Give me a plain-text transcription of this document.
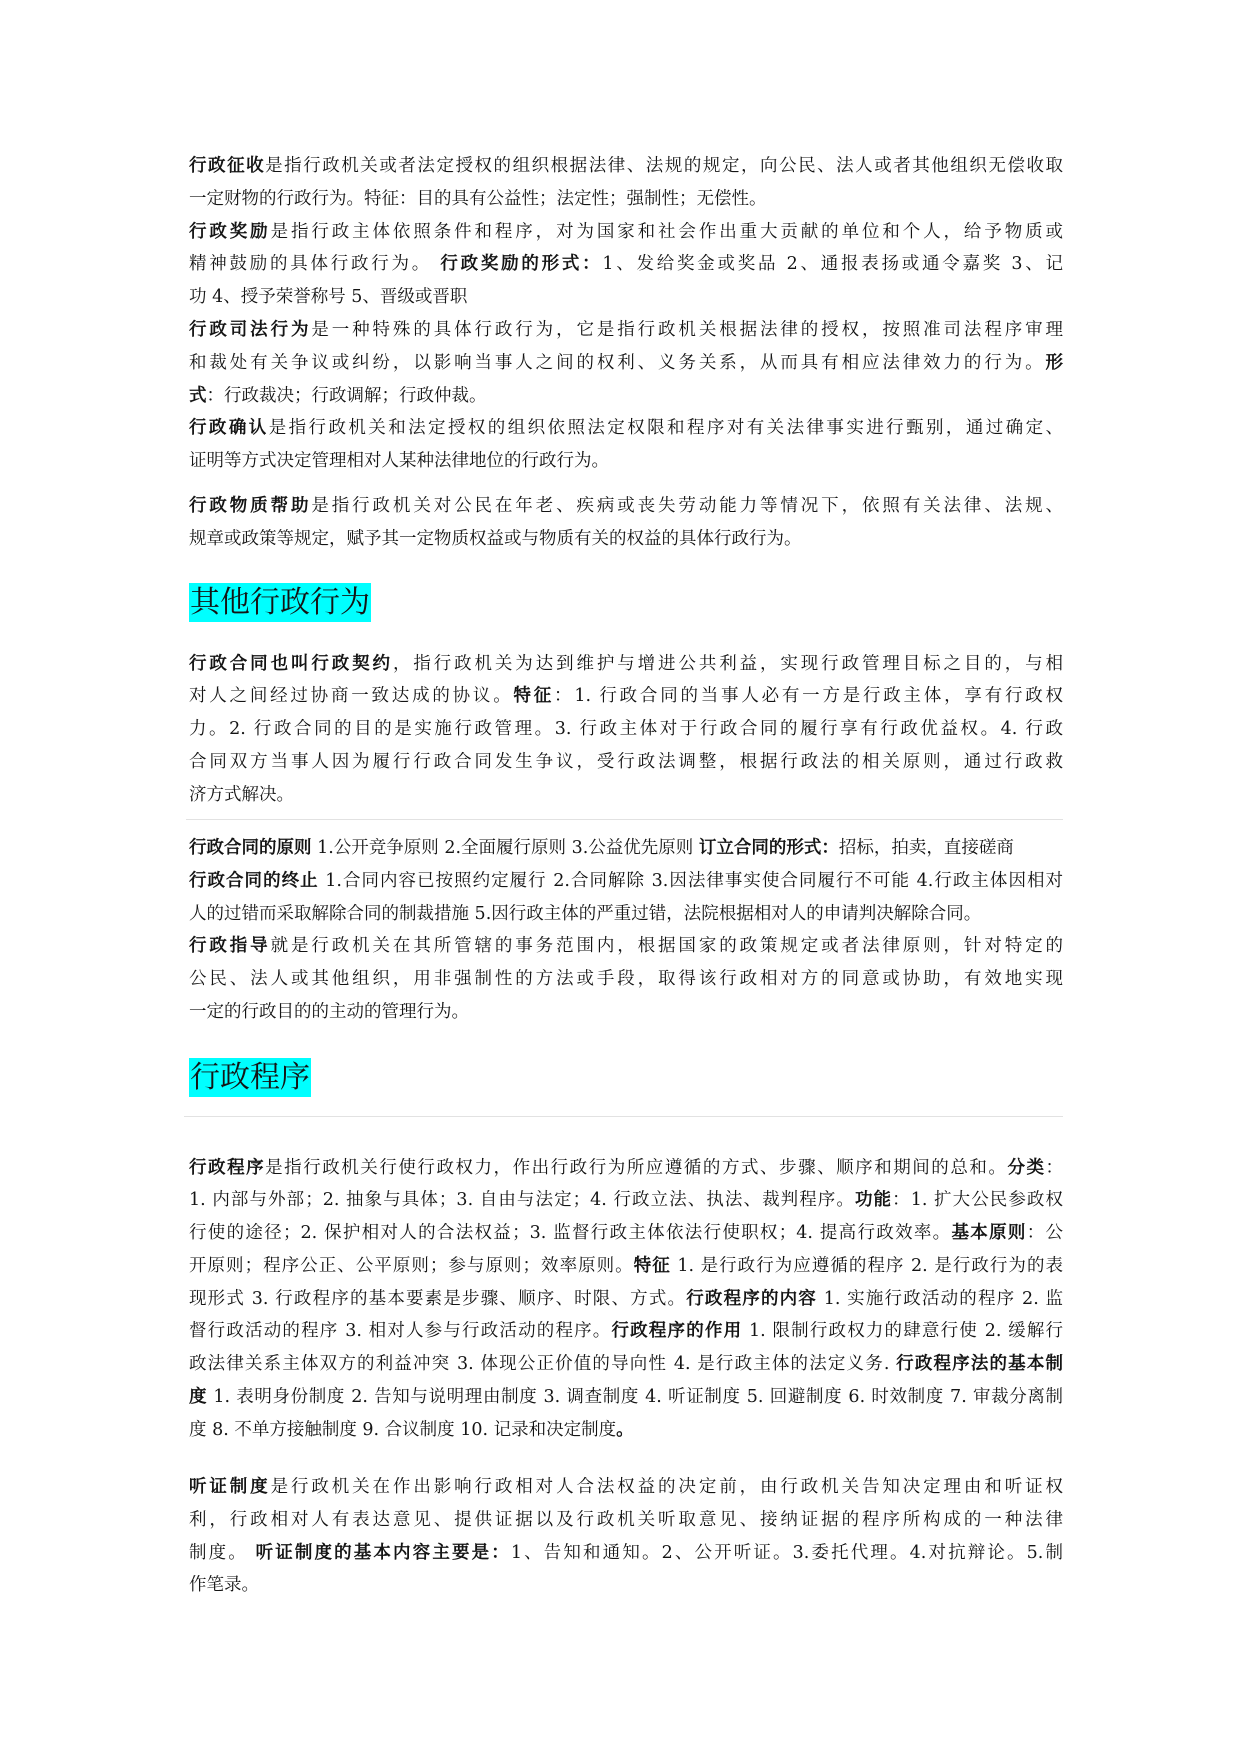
行政征收是指行政机关或者法定授权的组织根据法律、法规的规定，向公民、法人或者其他组织无偿收取
一定财物的行政行为。特征：目的具有公益性；法定性；强制性；无偿性。
行政奖励是指行政主体依照条件和程序，对为国家和社会作出重大贡献的单位和个人，给予物质或
精神鼓励的具体行政行为。 行政奖励的形式：1、发给奖金或奖品 2、通报表扬或通令嘉奖 3、记
功 4、授予荣誉称号 5、晋级或晋职
行政司法行为是一种特殊的具体行政行为，它是指行政机关根据法律的授权，按照准司法程序审理
和裁处有关争议或纠纷，以影响当事人之间的权利、义务关系，从而具有相应法律效力的行为。形
式：行政裁决；行政调解；行政仲裁。
行政确认是指行政机关和法定授权的组织依照法定权限和程序对有关法律事实进行甄别，通过确定、
证明等方式决定管理相对人某种法律地位的行政行为。
行政物质帮助是指行政机关对公民在年老、疾病或丧失劳动能力等情况下，依照有关法律、法规、
规章或政策等规定，赋予其一定物质权益或与物质有关的权益的具体行政行为。
其他行政行为
行政合同也叫行政契约，指行政机关为达到维护与增进公共利益，实现行政管理目标之目的，与相
对人之间经过协商一致达成的协议。特征：1. 行政合同的当事人必有一方是行政主体，享有行政权
力。2. 行政合同的目的是实施行政管理。3. 行政主体对于行政合同的履行享有行政优益权。4. 行政
合同双方当事人因为履行行政合同发生争议，受行政法调整，根据行政法的相关原则，通过行政救
济方式解决。
行政合同的原则 1.公开竞争原则 2.全面履行原则 3.公益优先原则 订立合同的形式：招标，拍卖，直接磋商
行政合同的终止 1.合同内容已按照约定履行 2.合同解除 3.因法律事实使合同履行不可能 4.行政主体因相对
人的过错而采取解除合同的制裁措施 5.因行政主体的严重过错，法院根据相对人的申请判决解除合同。
行政指导就是行政机关在其所管辖的事务范围内，根据国家的政策规定或者法律原则，针对特定的
公民、法人或其他组织，用非强制性的方法或手段，取得该行政相对方的同意或协助，有效地实现
一定的行政目的的主动的管理行为。
行政程序
行政程序是指行政机关行使行政权力，作出行政行为所应遵循的方式、步骤、顺序和期间的总和。分类：
1. 内部与外部；2. 抽象与具体；3. 自由与法定；4. 行政立法、执法、裁判程序。功能：1. 扩大公民参政权
行使的途径；2. 保护相对人的合法权益；3. 监督行政主体依法行使职权；4. 提高行政效率。基本原则：公
开原则；程序公正、公平原则；参与原则；效率原则。特征 1. 是行政行为应遵循的程序 2. 是行政行为的表
现形式 3. 行政程序的基本要素是步骤、顺序、时限、方式。行政程序的内容 1. 实施行政活动的程序 2. 监
督行政活动的程序 3. 相对人参与行政活动的程序。行政程序的作用 1. 限制行政权力的肆意行使 2. 缓解行
政法律关系主体双方的利益冲突 3. 体现公正价值的导向性 4. 是行政主体的法定义务. 行政程序法的基本制
度 1. 表明身份制度 2. 告知与说明理由制度 3. 调查制度 4. 听证制度 5. 回避制度 6. 时效制度 7. 审裁分离制
度 8. 不单方接触制度 9. 合议制度 10. 记录和决定制度。
听证制度是行政机关在作出影响行政相对人合法权益的决定前，由行政机关告知决定理由和听证权
利，行政相对人有表达意见、提供证据以及行政机关听取意见、接纳证据的程序所构成的一种法律
制度。 听证制度的基本内容主要是：1、告知和通知。2、公开听证。3.委托代理。4.对抗辩论。5.制
作笔录。
